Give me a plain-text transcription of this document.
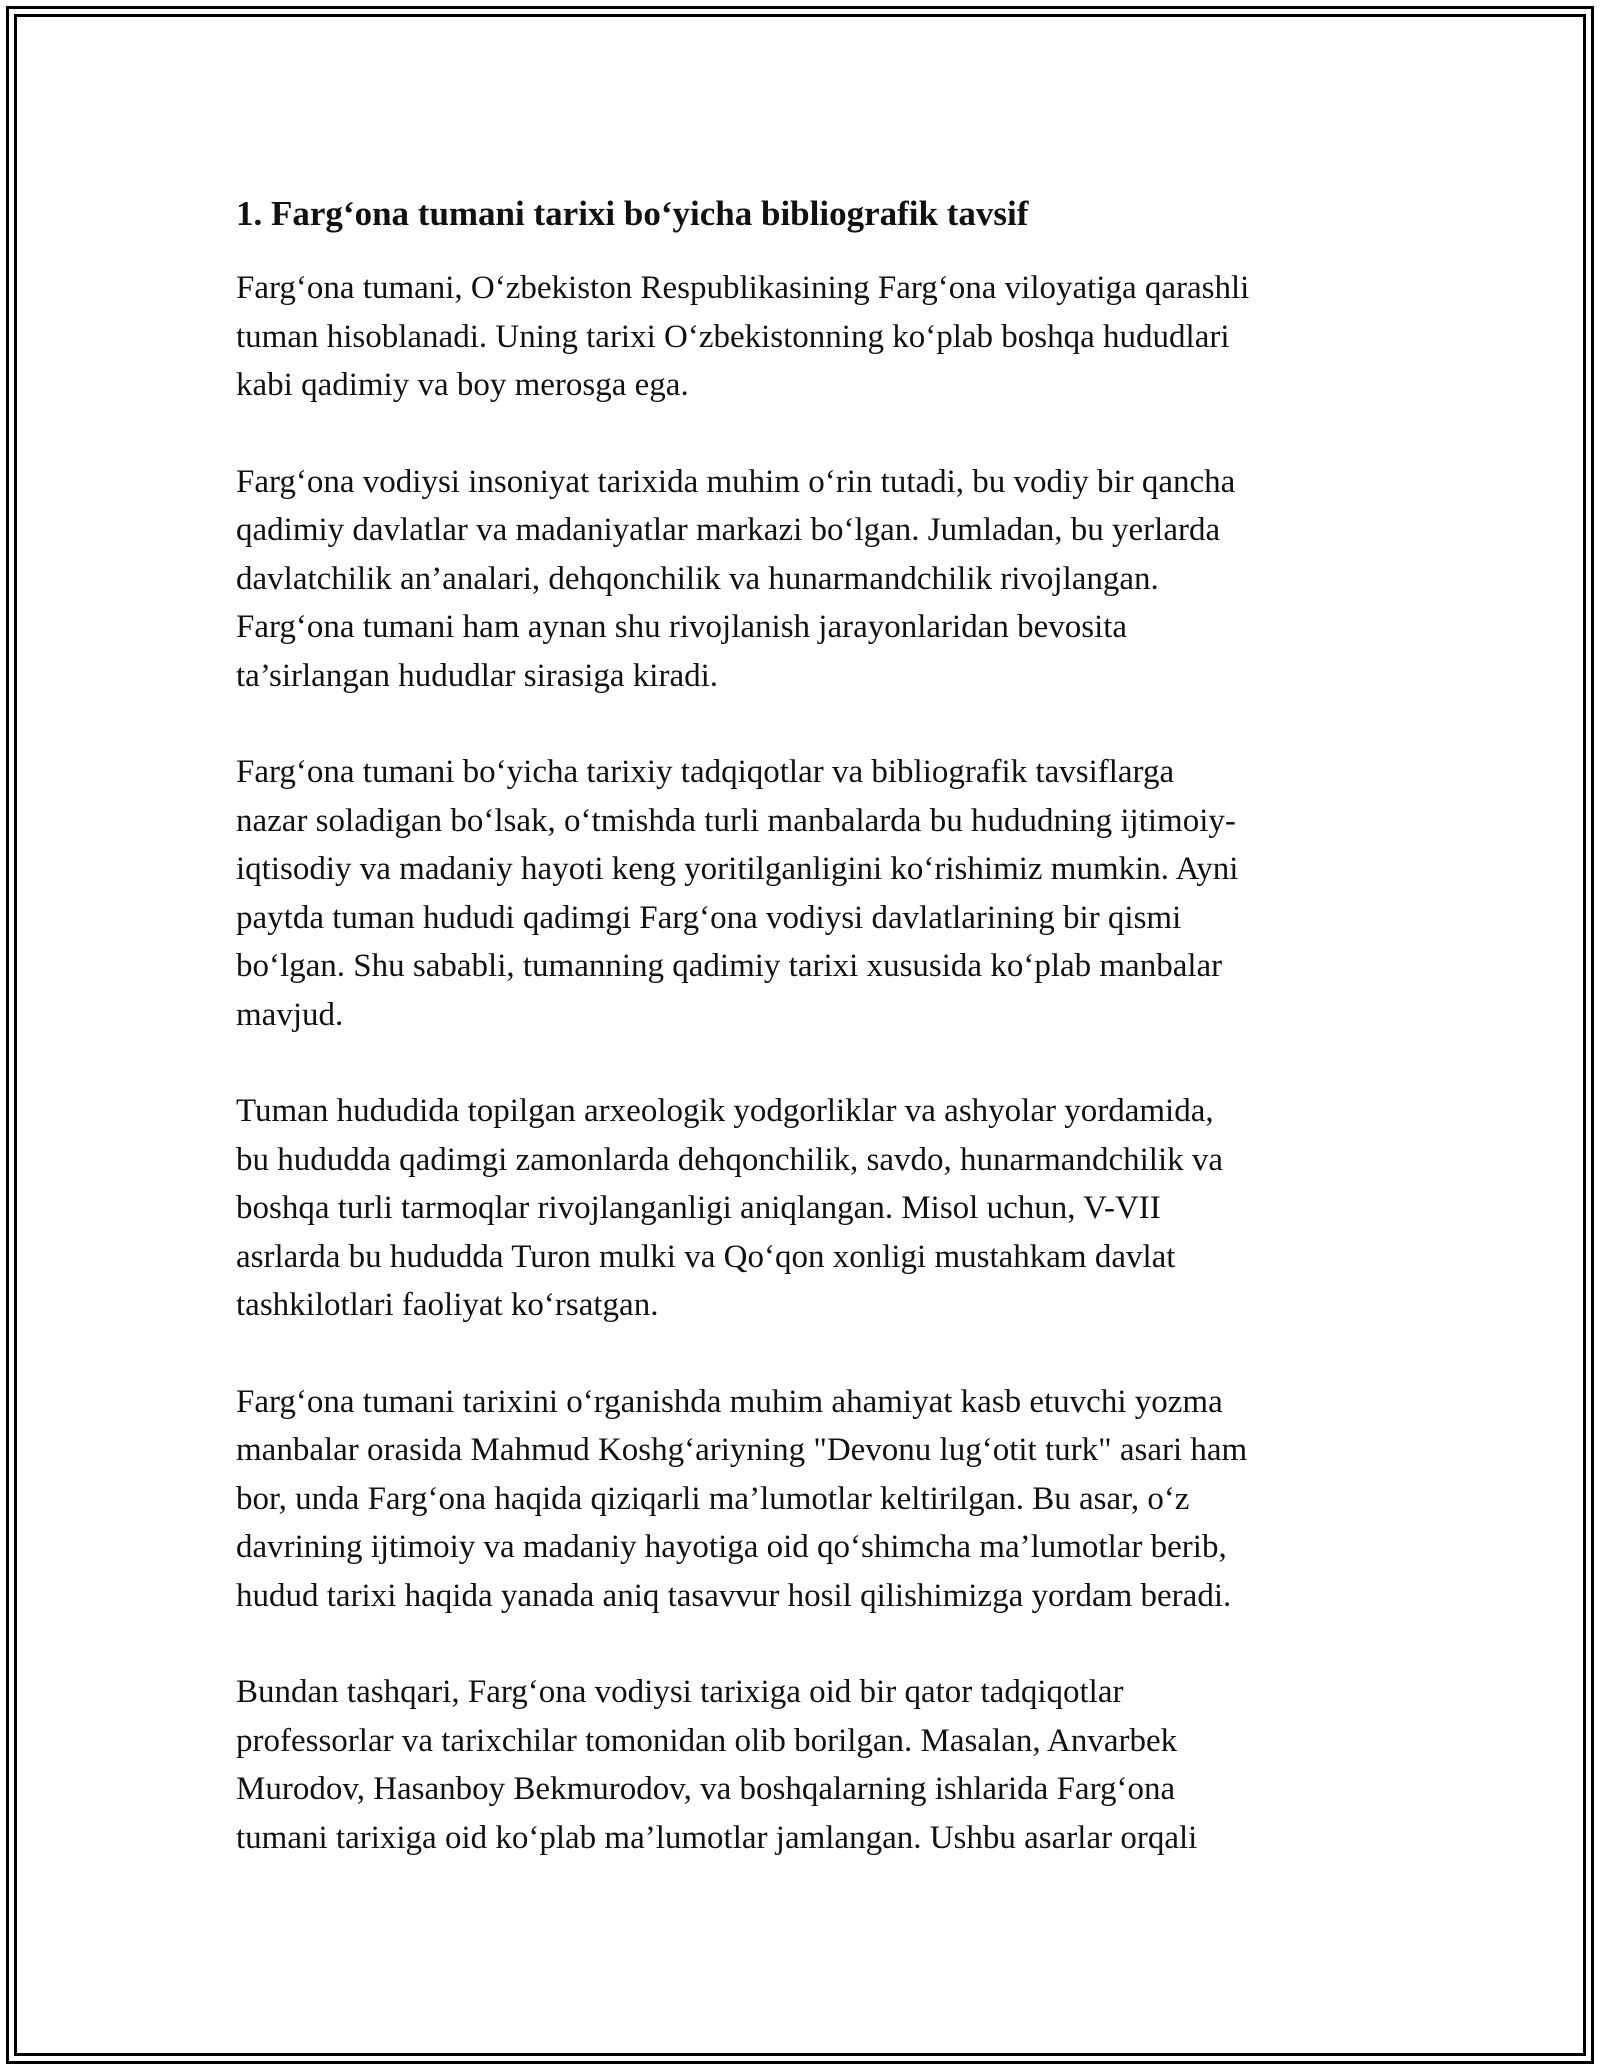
1. Farg‘ona tumani tarixi bo‘yicha bibliografik tavsif

Farg‘ona tumani, O‘zbekiston Respublikasining Farg‘ona viloyatiga qarashli
tuman hisoblanadi. Uning tarixi O‘zbekistonning ko‘plab boshqa hududlari
kabi qadimiy va boy merosga ega.

Farg‘ona vodiysi insoniyat tarixida muhim o‘rin tutadi, bu vodiy bir qancha
qadimiy davlatlar va madaniyatlar markazi bo‘lgan. Jumladan, bu yerlarda
davlatchilik an’analari, dehqonchilik va hunarmandchilik rivojlangan.
Farg‘ona tumani ham aynan shu rivojlanish jarayonlaridan bevosita
ta’sirlangan hududlar sirasiga kiradi.

Farg‘ona tumani bo‘yicha tarixiy tadqiqotlar va bibliografik tavsiflarga
nazar soladigan bo‘lsak, o‘tmishda turli manbalarda bu hududning ijtimoiy-
iqtisodiy va madaniy hayoti keng yoritilganligini ko‘rishimiz mumkin. Ayni
paytda tuman hududi qadimgi Farg‘ona vodiysi davlatlarining bir qismi
bo‘lgan. Shu sababli, tumanning qadimiy tarixi xususida ko‘plab manbalar
mavjud.

Tuman hududida topilgan arxeologik yodgorliklar va ashyolar yordamida,
bu hududda qadimgi zamonlarda dehqonchilik, savdo, hunarmandchilik va
boshqa turli tarmoqlar rivojlanganligi aniqlangan. Misol uchun, V-VII
asrlarda bu hududda Turon mulki va Qo‘qon xonligi mustahkam davlat
tashkilotlari faoliyat ko‘rsatgan.

Farg‘ona tumani tarixini o‘rganishda muhim ahamiyat kasb etuvchi yozma
manbalar orasida Mahmud Koshg‘ariyning "Devonu lug‘otit turk" asari ham
bor, unda Farg‘ona haqida qiziqarli ma’lumotlar keltirilgan. Bu asar, o‘z
davrining ijtimoiy va madaniy hayotiga oid qo‘shimcha ma’lumotlar berib,
hudud tarixi haqida yanada aniq tasavvur hosil qilishimizga yordam beradi.

Bundan tashqari, Farg‘ona vodiysi tarixiga oid bir qator tadqiqotlar
professorlar va tarixchilar tomonidan olib borilgan. Masalan, Anvarbek
Murodov, Hasanboy Bekmurodov, va boshqalarning ishlarida Farg‘ona
tumani tarixiga oid ko‘plab ma’lumotlar jamlangan. Ushbu asarlar orqali
